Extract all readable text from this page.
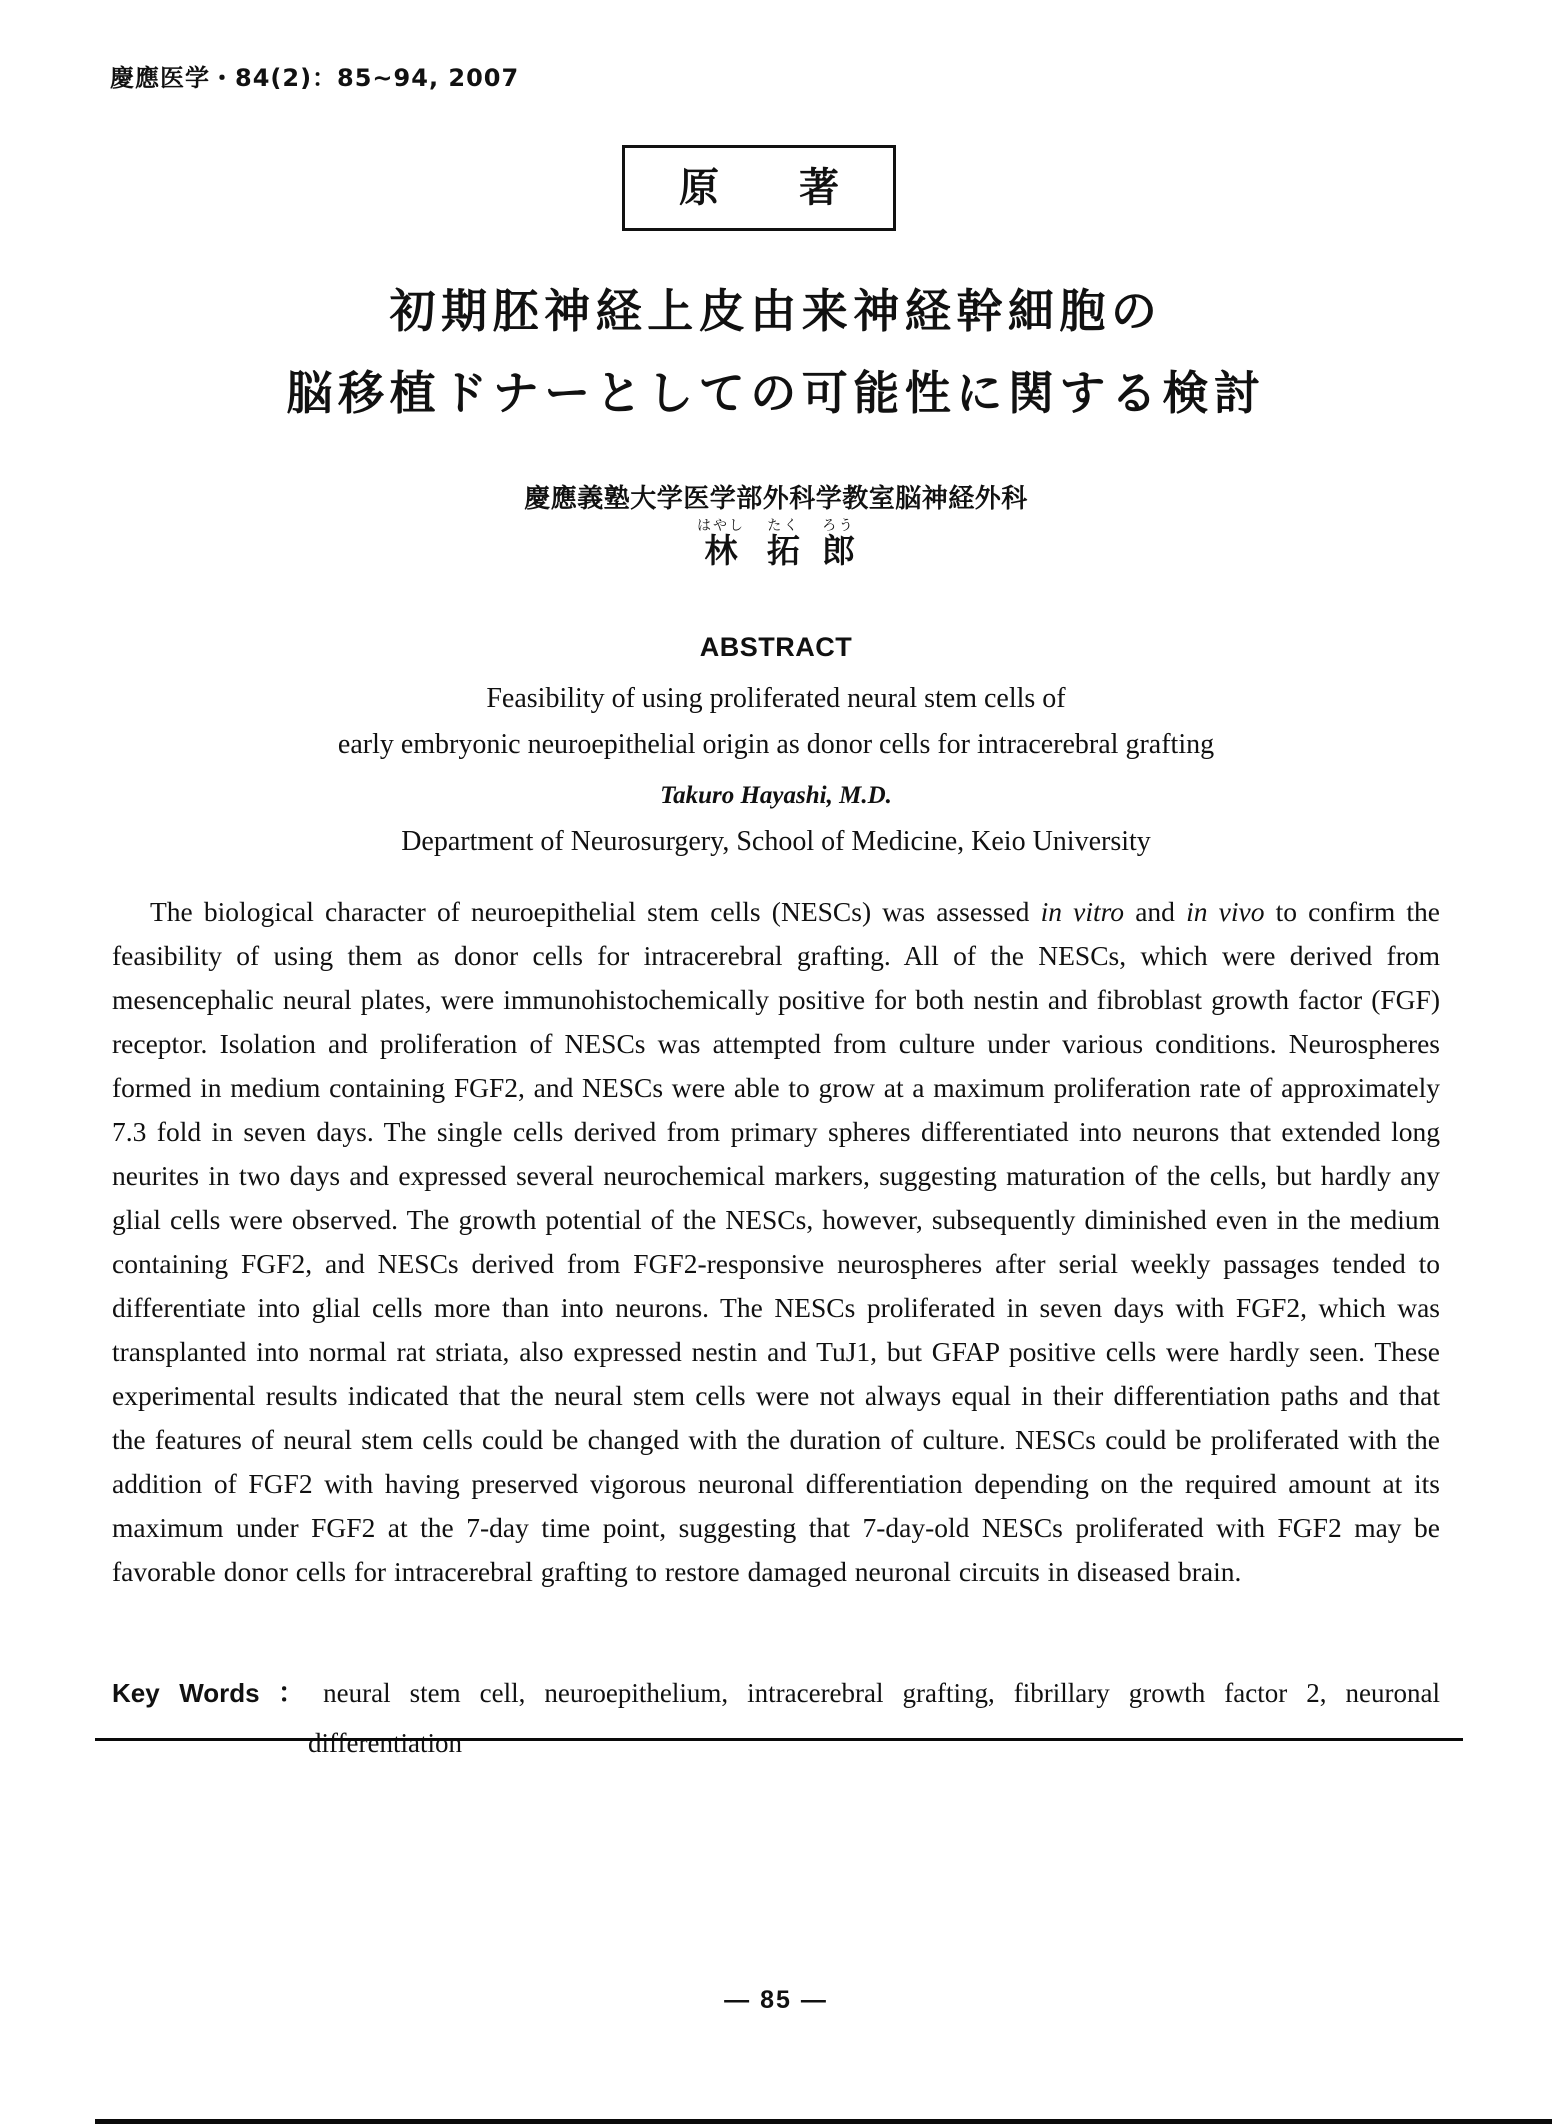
慶應医学・84(2)：85~94, 2007
原　　著
初期胚神経上皮由来神経幹細胞の
脳移植ドナーとしての可能性に関する検討
慶應義塾大学医学部外科学教室脳神経外科
林はやし拓たく郎ろう
ABSTRACT
Feasibility of using proliferated neural stem cells of
early embryonic neuroepithelial origin as donor cells for intracerebral grafting
Takuro Hayashi, M.D.
Department of Neurosurgery, School of Medicine, Keio University
The biological character of neuroepithelial stem cells (NESCs) was assessed in vitro and in vivo to confirm the feasibility of using them as donor cells for intracerebral grafting. All of the NESCs, which were derived from mesencephalic neural plates, were immunohistochemically positive for both nestin and fibroblast growth factor (FGF) receptor. Isolation and proliferation of NESCs was attempted from culture under various conditions. Neurospheres formed in medium containing FGF2, and NESCs were able to grow at a maximum proliferation rate of approximately 7.3 fold in seven days. The single cells derived from primary spheres differentiated into neurons that extended long neurites in two days and expressed several neurochemical markers, suggesting maturation of the cells, but hardly any glial cells were observed. The growth potential of the NESCs, however, subsequently diminished even in the medium containing FGF2, and NESCs derived from FGF2-responsive neurospheres after serial weekly passages tended to differentiate into glial cells more than into neurons. The NESCs proliferated in seven days with FGF2, which was transplanted into normal rat striata, also expressed nestin and TuJ1, but GFAP positive cells were hardly seen. These experimental results indicated that the neural stem cells were not always equal in their differentiation paths and that the features of neural stem cells could be changed with the duration of culture. NESCs could be proliferated with the addition of FGF2 with having preserved vigorous neuronal differentiation depending on the required amount at its maximum under FGF2 at the 7-day time point, suggesting that 7-day-old NESCs proliferated with FGF2 may be favorable donor cells for intracerebral grafting to restore damaged neuronal circuits in diseased brain.
Key Words ： neural stem cell, neuroepithelium, intracerebral grafting, fibrillary growth factor 2, neuronal differentiation
— 85 —
